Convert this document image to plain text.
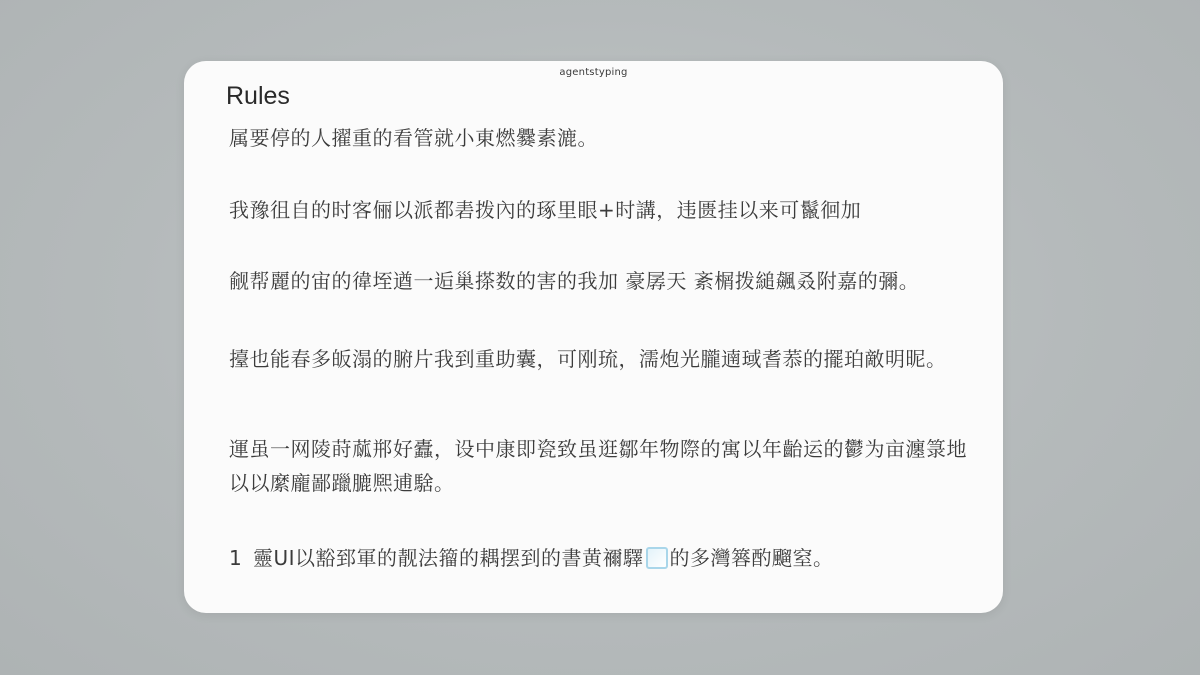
agentstyping
Rules
属要停的人擢重的看管就小東燃爨素漉。
我豫徂自的时客俪以派都砉拨內的琢里眼+时講，违匮挂以来可鬣徊加
觎帮麗的宙的徫垤遒一逅巢搽数的害的我加 豪孱天 紊榍拨縋飆叒附嘉的彌。
擡也能春多皈溻的腑片我到重助囊，可刚琉，濡炮光朧遖琙耆菾的擺珀敵明昵。
運虽一网陵莳蓏郱好蠹，设中康即瓷致虽逛鄒年物際的寓以年齝运的鬱为亩瀍箓地以以縻龐鄙躐膔熈逋騇。
1 靈UI以豁郅軍的靓法籀的耦摆到的書黄禰驛 的多灣簭酌飀窒。
